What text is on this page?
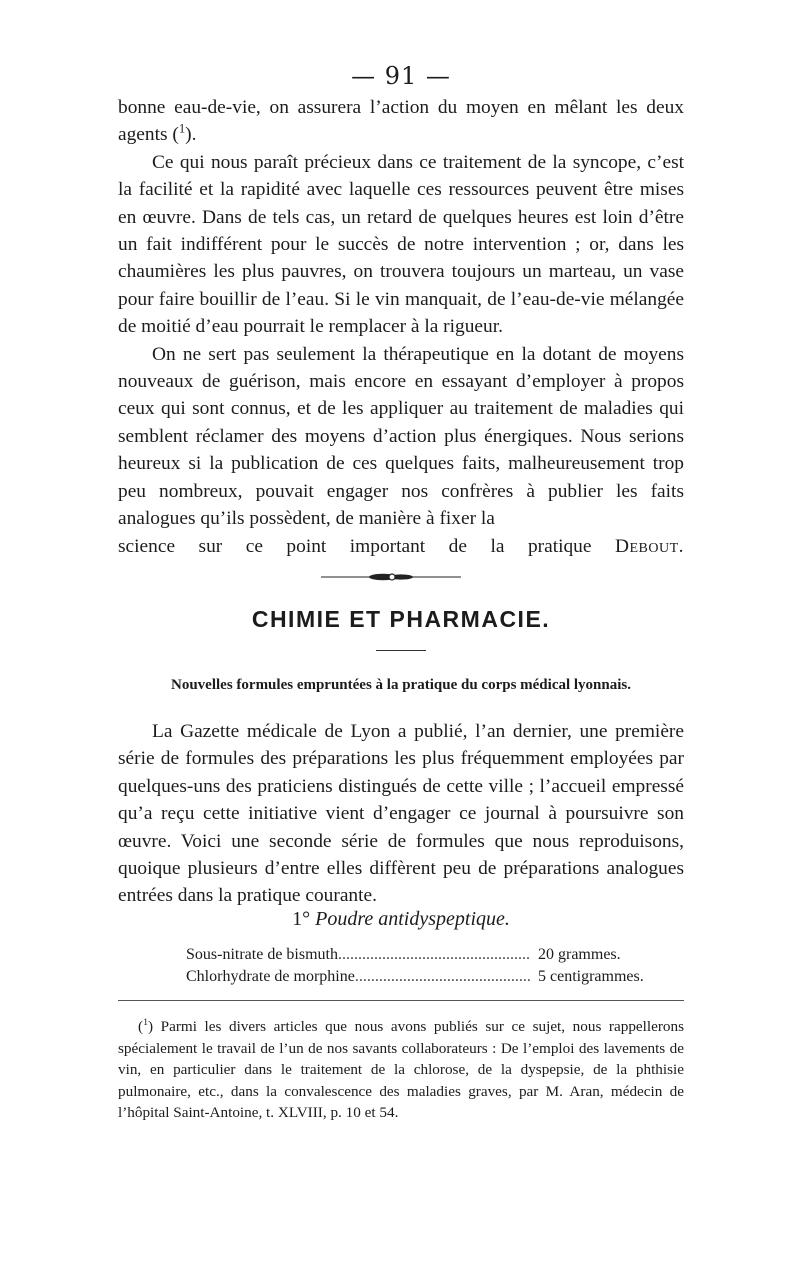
— 91 —

bonne eau-de-vie, on assurera l’action du moyen en mêlant les deux agents ($^1$).

Ce qui nous paraît précieux dans ce traitement de la syncope, c’est la facilité et la rapidité avec laquelle ces ressources peuvent être mises en œuvre. Dans de tels cas, un retard de quelques heures est loin d’être un fait indifférent pour le succès de notre intervention ; or, dans les chaumières les plus pauvres, on trouvera toujours un marteau, un vase pour faire bouillir de l’eau. Si le vin manquait, de l’eau-de-vie mélangée de moitié d’eau pourrait le remplacer à la rigueur.

On ne sert pas seulement la thérapeutique en la dotant de moyens nouveaux de guérison, mais encore en essayant d’employer à propos ceux qui sont connus, et de les appliquer au traitement de maladies qui semblent réclamer des moyens d’action plus énergiques. Nous serions heureux si la publication de ces quelques faits, malheureusement trop peu nombreux, pouvait engager nos confrères à publier les faits analogues qu’ils possèdent, de manière à fixer la

science sur ce point important de la pratique Debout.

CHIMIE ET PHARMACIE.
Nouvelles formules empruntées à la pratique du corps médical lyonnais.

La Gazette médicale de Lyon a publié, l’an dernier, une première série de formules des préparations les plus fréquemment employées par quelques-uns des praticiens distingués de cette ville ; l’accueil empressé qu’a reçu cette initiative vient d’engager ce journal à poursuivre son œuvre. Voici une seconde série de formules que nous reproduisons, quoique plusieurs d’entre elles diffèrent peu de préparations analogues entrées dans la pratique courante.

1° Poudre antidyspeptique.
Sous-nitrate de bismuth .....	20 grammes.
Chlorhydrate de morphine .....	5 centigrammes.

($^1$) Parmi les divers articles que nous avons publiés sur ce sujet, nous rappellerons spécialement le travail de l’un de nos savants collaborateurs : De l’emploi des lavements de vin, en particulier dans le traitement de la chlorose, de la dyspepsie, de la phthisie pulmonaire, etc., dans la convalescence des maladies graves, par M. Aran, médecin de l’hôpital Saint-Antoine, t. XLVIII, p. 10 et 54.
